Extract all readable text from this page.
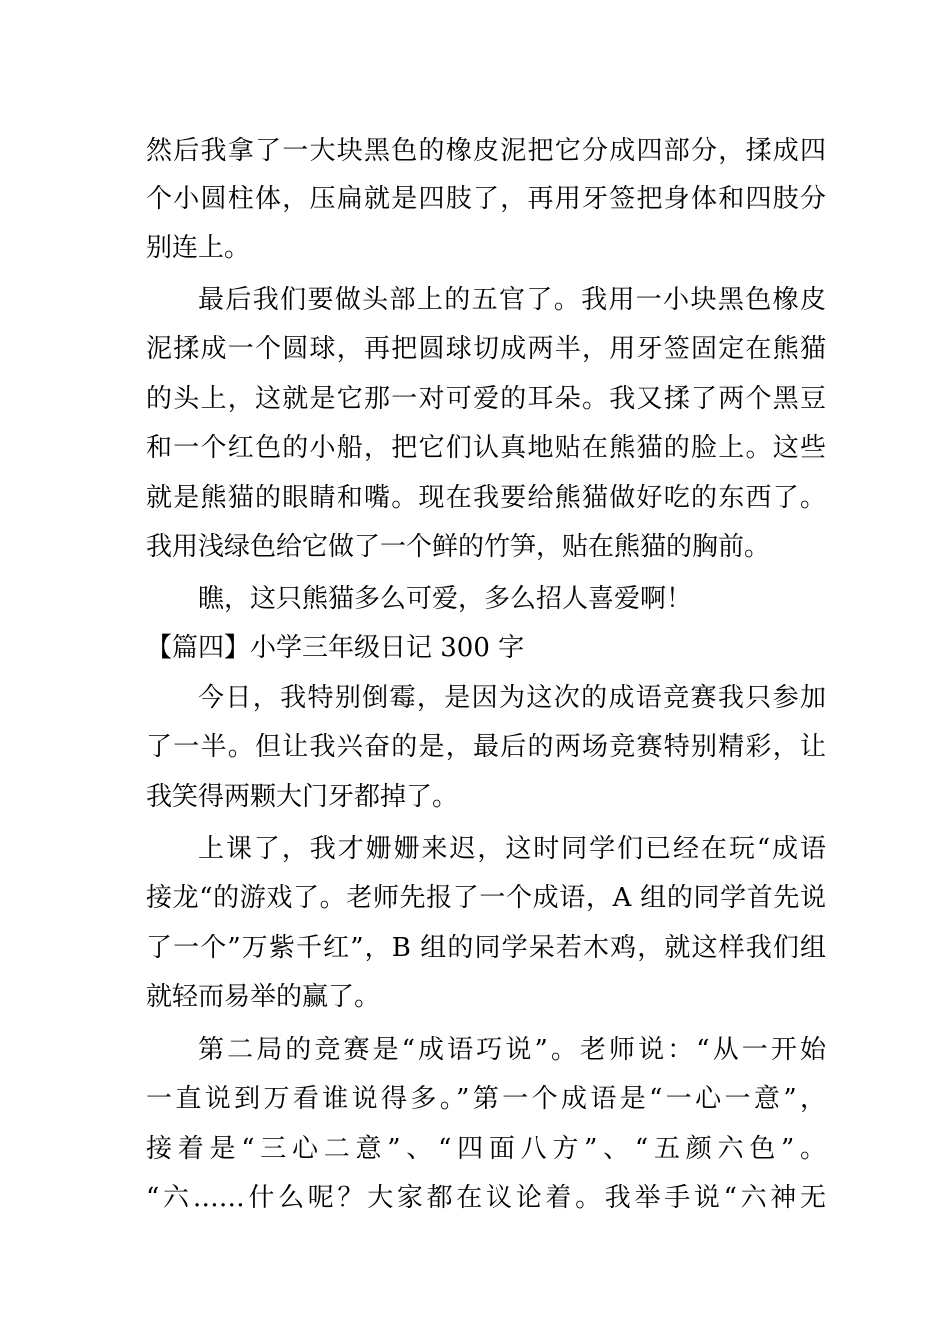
然后我拿了一大块黑色的橡皮泥把它分成四部分，揉成四
个小圆柱体，压扁就是四肢了，再用牙签把身体和四肢分
别连上。
最后我们要做头部上的五官了。我用一小块黑色橡皮
泥揉成一个圆球，再把圆球切成两半，用牙签固定在熊猫
的头上，这就是它那一对可爱的耳朵。我又揉了两个黑豆
和一个红色的小船，把它们认真地贴在熊猫的脸上。这些
就是熊猫的眼睛和嘴。现在我要给熊猫做好吃的东西了。
我用浅绿色给它做了一个鲜的竹笋，贴在熊猫的胸前。
瞧，这只熊猫多么可爱，多么招人喜爱啊！
【篇四】小学三年级日记 300 字
今日，我特别倒霉，是因为这次的成语竞赛我只参加
了一半。但让我兴奋的是，最后的两场竞赛特别精彩，让
我笑得两颗大门牙都掉了。
上课了，我才姗姗来迟，这时同学们已经在玩“成语
接龙“的游戏了。老师先报了一个成语，A 组的同学首先说
了一个”万紫千红”，B 组的同学呆若木鸡，就这样我们组
就轻而易举的赢了。
第二局的竞赛是“成语巧说”。老师说：“从一开始
一直说到万看谁说得多。”第一个成语是“一心一意”，
接着是“三心二意”、“四面八方”、“五颜六色”。
“六……什么呢？大家都在议论着。我举手说“六神无
